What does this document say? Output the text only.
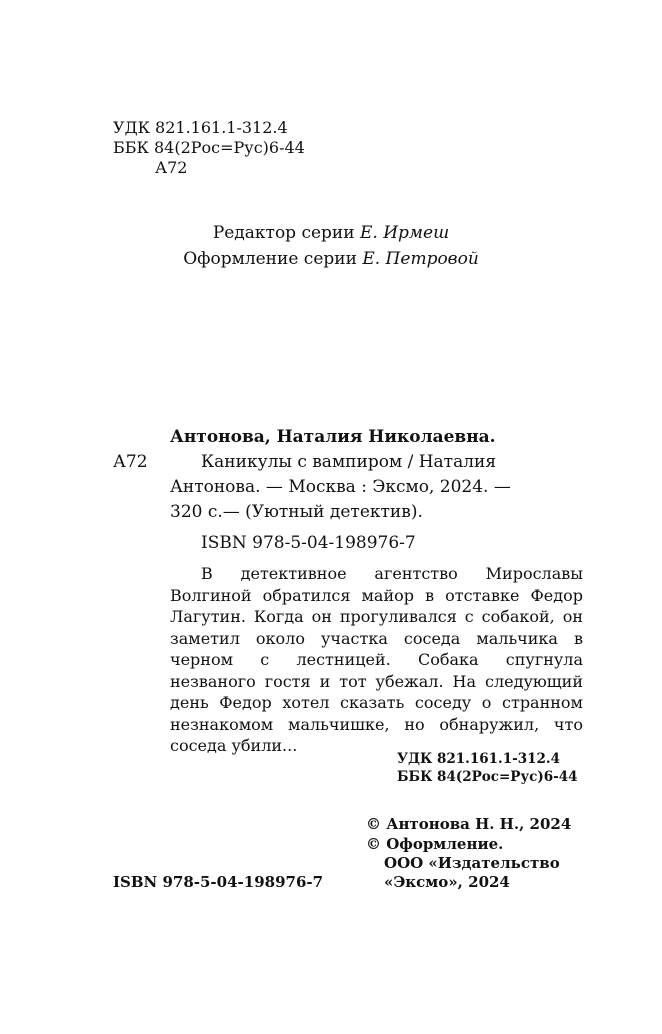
УДК 821.161.1-312.4
ББК 84(2Рос=Рус)6-44
А72
Редактор серии Е. Ирмеш
Оформление серии Е. Петровой
Антонова, Наталия Николаевна.
А72	Каникулы с вампиром / Наталия
Антонова. — Москва : Эксмо, 2024. —
320 с.— (Уютный детектив).
ISBN 978-5-04-198976-7

В детективное агентство Мирославы Волгиной обратился майор в отставке Федор Лагутин. Когда он прогуливался с собакой, он заметил около участка соседа мальчика в черном с лестницей. Собака спугнула незваного гостя и тот убежал. На следующий день Федор хотел сказать соседу о странном незнакомом мальчишке, но обнаружил, что соседа убили...

УДК 821.161.1-312.4
ББК 84(2Рос=Рус)6-44
© Антонова Н. Н., 2024
© Оформление.
ООО «Издательство
«Эксмо», 2024
ISBN 978-5-04-198976-7
